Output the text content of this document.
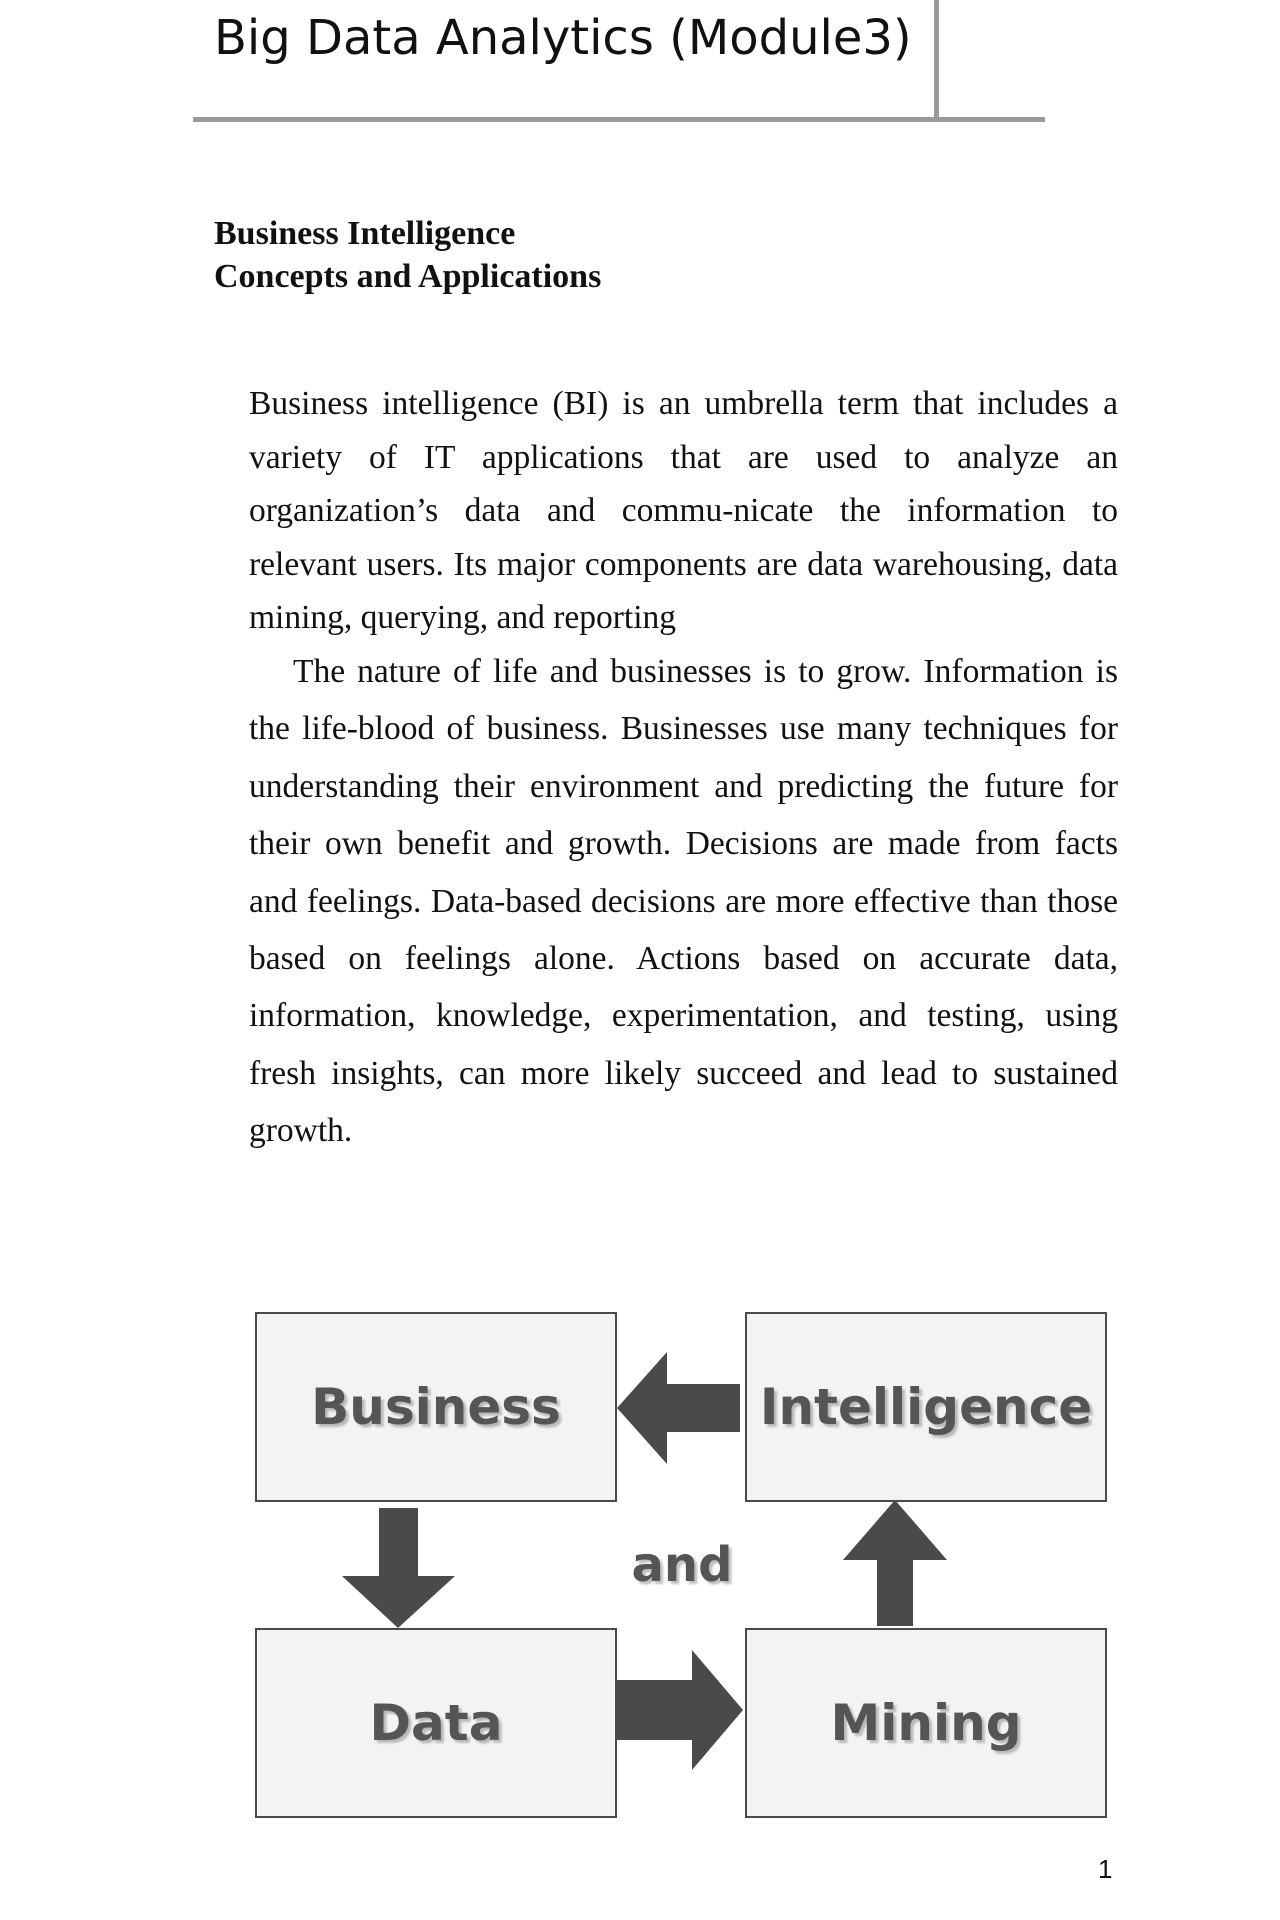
Big Data Analytics (Module3)
Business Intelligence
Concepts and Applications

Business intelligence (BI) is an umbrella term that includes a variety of IT applications that are used to analyze an organization’s data and commu-nicate the information to relevant users. Its major components are data warehousing, data mining, querying, and reporting

The nature of life and businesses is to grow. Information is the life-blood of business. Businesses use many techniques for understanding their environment and predicting the future for their own benefit and growth. Decisions are made from facts and feelings. Data-based decisions are more effective than those based on feelings alone. Actions based on accurate data, information, knowledge, experimentation, and testing, using fresh insights, can more likely succeed and lead to sustained growth.

Business	Intelligence
Data	Mining
and
1
